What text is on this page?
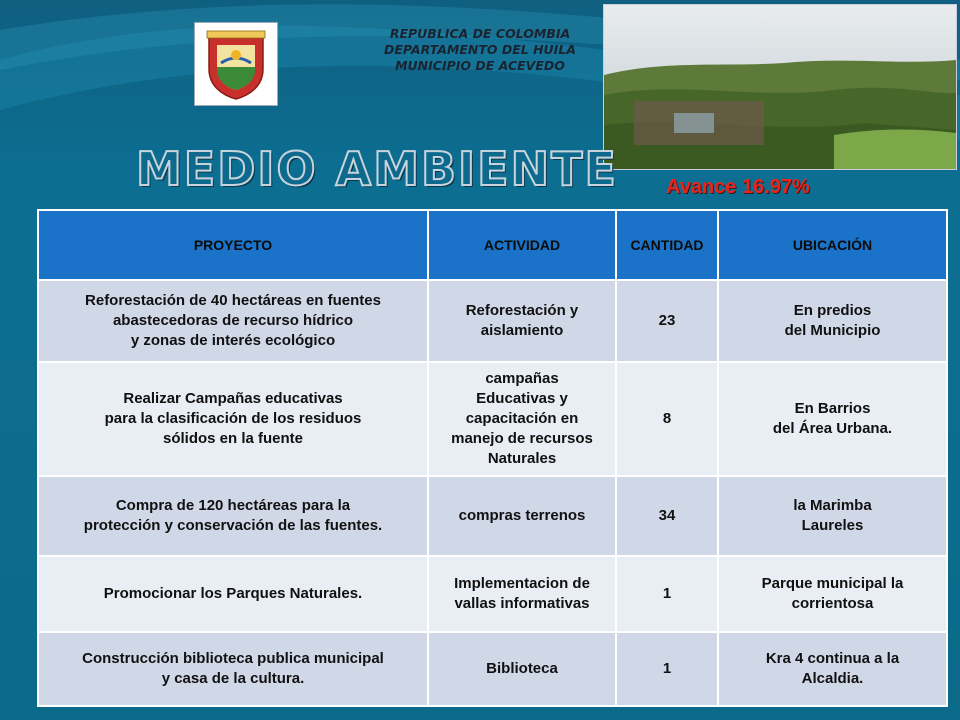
REPUBLICA DE COLOMBIA
DEPARTAMENTO DEL HUILA
MUNICIPIO DE ACEVEDO
MEDIO AMBIENTE Avance 16.97%
PROYECTO	ACTIVIDAD	CANTIDAD	UBICACIÓN
Reforestación de 40 hectáreas en fuentes
abastecedoras de recurso hídrico
y zonas de interés ecológico	Reforestación y
aislamiento	23	En predios
del Municipio
Realizar Campañas educativas
para la clasificación de los residuos
sólidos en la fuente	campañas
Educativas y
capacitación en
manejo de recursos
Naturales	8	En Barrios
del Área Urbana.
Compra de 120 hectáreas para la
protección y conservación de las fuentes.	compras terrenos	34	la Marimba
Laureles
Promocionar los Parques Naturales.	Implementacion de
vallas informativas	1	Parque municipal la
corrientosa
Construcción biblioteca publica municipal
y casa de la cultura.	Biblioteca	1	Kra 4 continua a la
Alcaldia.
